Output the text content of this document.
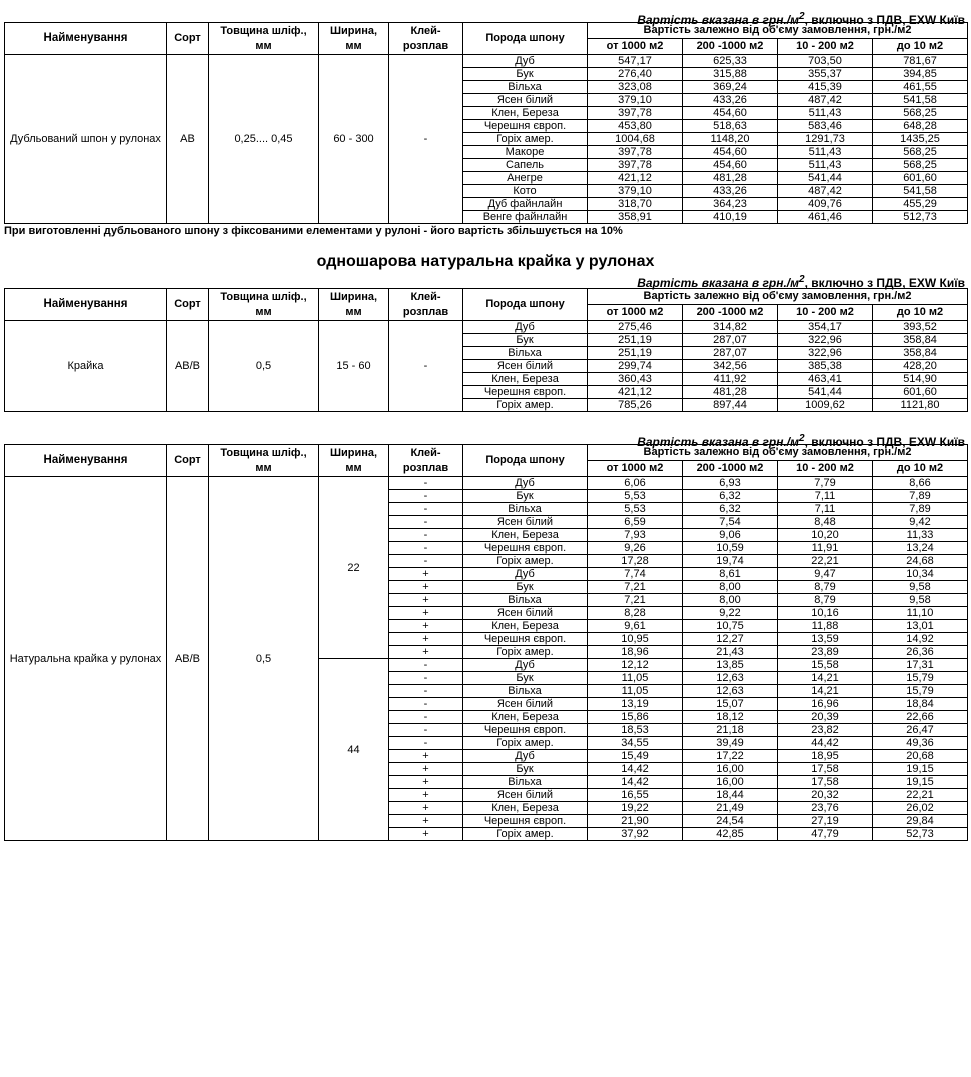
Вартість вказана в $грн./м^2$, включно з ПДВ, EXW Київ
Найменування	Сорт	Товщина шліф., мм	Ширина, мм	Клей-розплав	Порода шпону	Вартість залежно від об'єму замовлення, грн./м2			
						от 1000 м2	200 -1000 м2	10 - 200 м2	до 10 м2
Дубльований шпон у рулонах	АВ	0,25.... 0,45	60 - 300	-	Дуб	547,17	625,33	703,50	781,67
					Бук	276,40	315,88	355,37	394,85
					Вільха	323,08	369,24	415,39	461,55
					Ясен білий	379,10	433,26	487,42	541,58
					Клен, Береза	397,78	454,60	511,43	568,25
					Черешня європ.	453,80	518,63	583,46	648,28
					Горіх амер.	1004,68	1148,20	1291,73	1435,25
					Макоре	397,78	454,60	511,43	568,25
					Сапель	397,78	454,60	511,43	568,25
					Анегре	421,12	481,28	541,44	601,60
					Кото	379,10	433,26	487,42	541,58
					Дуб файнлайн	318,70	364,23	409,76	455,29
					Венге файнлайн	358,91	410,19	461,46	512,73
При виготовленні дубльованого шпону з фіксованими елементами у рулоні - його вартість збільшується на 10%
одношарова натуральна крайка у рулонах
Вартість вказана в $грн./м^2$, включно з ПДВ, EXW Київ
Найменування	Сорт	Товщина шліф., мм	Ширина, мм	Клей-розплав	Порода шпону	Вартість залежно від об'єму замовлення, грн./м2			
						от 1000 м2	200 -1000 м2	10 - 200 м2	до 10 м2
Крайка	АВ/В	0,5	15 - 60	-	Дуб	275,46	314,82	354,17	393,52
					Бук	251,19	287,07	322,96	358,84
					Вільха	251,19	287,07	322,96	358,84
					Ясен білий	299,74	342,56	385,38	428,20
					Клен, Береза	360,43	411,92	463,41	514,90
					Черешня європ.	421,12	481,28	541,44	601,60
					Горіх амер.	785,26	897,44	1009,62	1121,80
Вартість вказана в $грн./м^2$, включно з ПДВ, EXW Київ
Найменування	Сорт	Товщина шліф., мм	Ширина, мм	Клей-розплав	Порода шпону	Вартість залежно від об'єму замовлення, грн./м2			
						от 1000 м2	200 -1000 м2	10 - 200 м2	до 10 м2
Натуральна крайка у рулонах	АВ/В	0,5	22	-	Дуб	6,06	6,93	7,79	8,66
				-	Бук	5,53	6,32	7,11	7,89
				-	Вільха	5,53	6,32	7,11	7,89
				-	Ясен білий	6,59	7,54	8,48	9,42
				-	Клен, Береза	7,93	9,06	10,20	11,33
				-	Черешня європ.	9,26	10,59	11,91	13,24
				-	Горіх амер.	17,28	19,74	22,21	24,68
				+	Дуб	7,74	8,61	9,47	10,34
				+	Бук	7,21	8,00	8,79	9,58
				+	Вільха	7,21	8,00	8,79	9,58
				+	Ясен білий	8,28	9,22	10,16	11,10
				+	Клен, Береза	9,61	10,75	11,88	13,01
				+	Черешня європ.	10,95	12,27	13,59	14,92
				+	Горіх амер.	18,96	21,43	23,89	26,36
			44	-	Дуб	12,12	13,85	15,58	17,31
				-	Бук	11,05	12,63	14,21	15,79
				-	Вільха	11,05	12,63	14,21	15,79
				-	Ясен білий	13,19	15,07	16,96	18,84
				-	Клен, Береза	15,86	18,12	20,39	22,66
				-	Черешня європ.	18,53	21,18	23,82	26,47
				-	Горіх амер.	34,55	39,49	44,42	49,36
				+	Дуб	15,49	17,22	18,95	20,68
				+	Бук	14,42	16,00	17,58	19,15
				+	Вільха	14,42	16,00	17,58	19,15
				+	Ясен білий	16,55	18,44	20,32	22,21
				+	Клен, Береза	19,22	21,49	23,76	26,02
				+	Черешня європ.	21,90	24,54	27,19	29,84
				+	Горіх амер.	37,92	42,85	47,79	52,73
